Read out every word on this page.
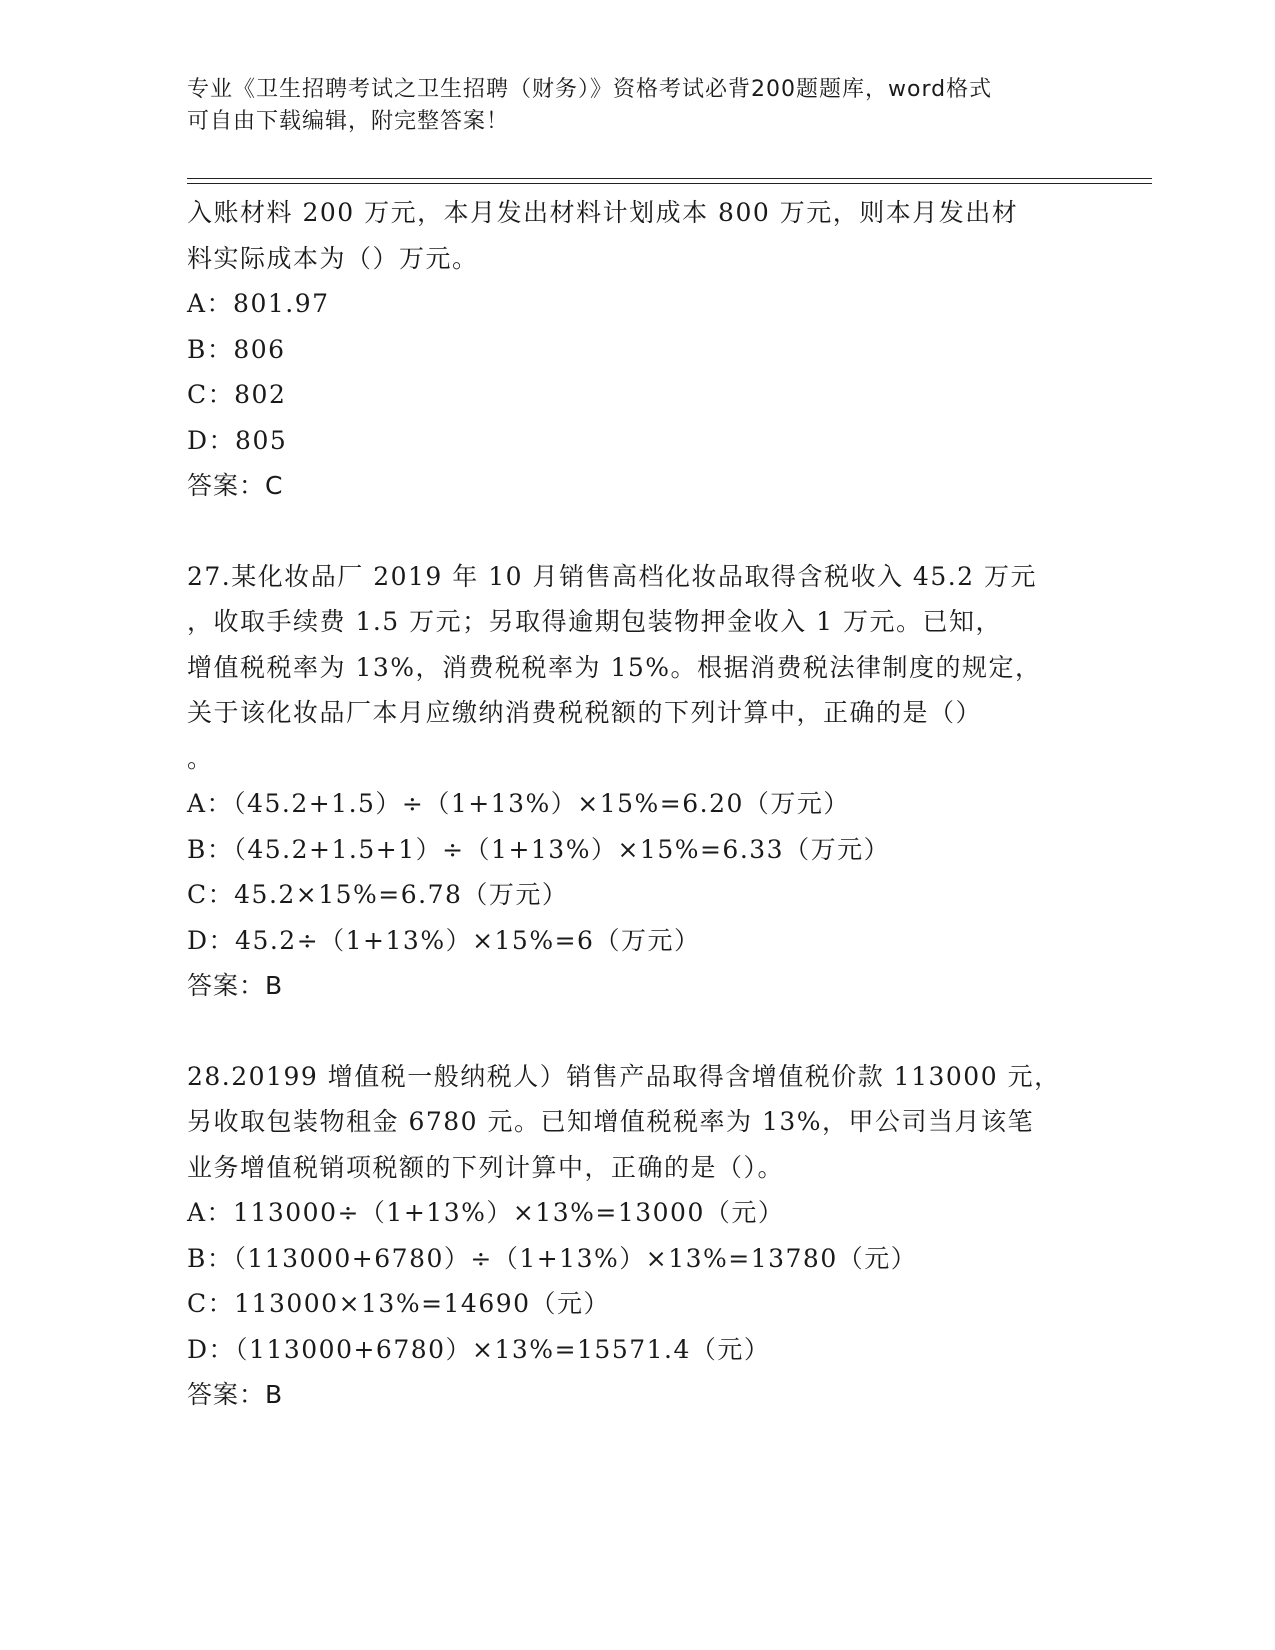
专业《卫生招聘考试之卫生招聘（财务）》资格考试必背200题题库，word格式
可自由下载编辑，附完整答案！
入账材料 200 万元，本月发出材料计划成本 800 万元，则本月发出材
料实际成本为（）万元。
A：801.97
B：806
C：802
D：805
答案：C
27.某化妆品厂 2019 年 10 月销售高档化妆品取得含税收入 45.2 万元
，收取手续费 1.5 万元；另取得逾期包装物押金收入 1 万元。已知，
增值税税率为 13%，消费税税率为 15%。根据消费税法律制度的规定，
关于该化妆品厂本月应缴纳消费税税额的下列计算中，正确的是（）
。
A：（45.2+1.5）÷（1+13%）×15%=6.20（万元）
B：（45.2+1.5+1）÷（1+13%）×15%=6.33（万元）
C：45.2×15%=6.78（万元）
D：45.2÷（1+13%）×15%=6（万元）
答案：B
28.20199 增值税一般纳税人）销售产品取得含增值税价款 113000 元，
另收取包装物租金 6780 元。已知增值税税率为 13%，甲公司当月该笔
业务增值税销项税额的下列计算中，正确的是（）。
A：113000÷（1+13%）×13%=13000（元）
B：（113000+6780）÷（1+13%）×13%=13780（元）
C：113000×13%=14690（元）
D：（113000+6780）×13%=15571.4（元）
答案：B
